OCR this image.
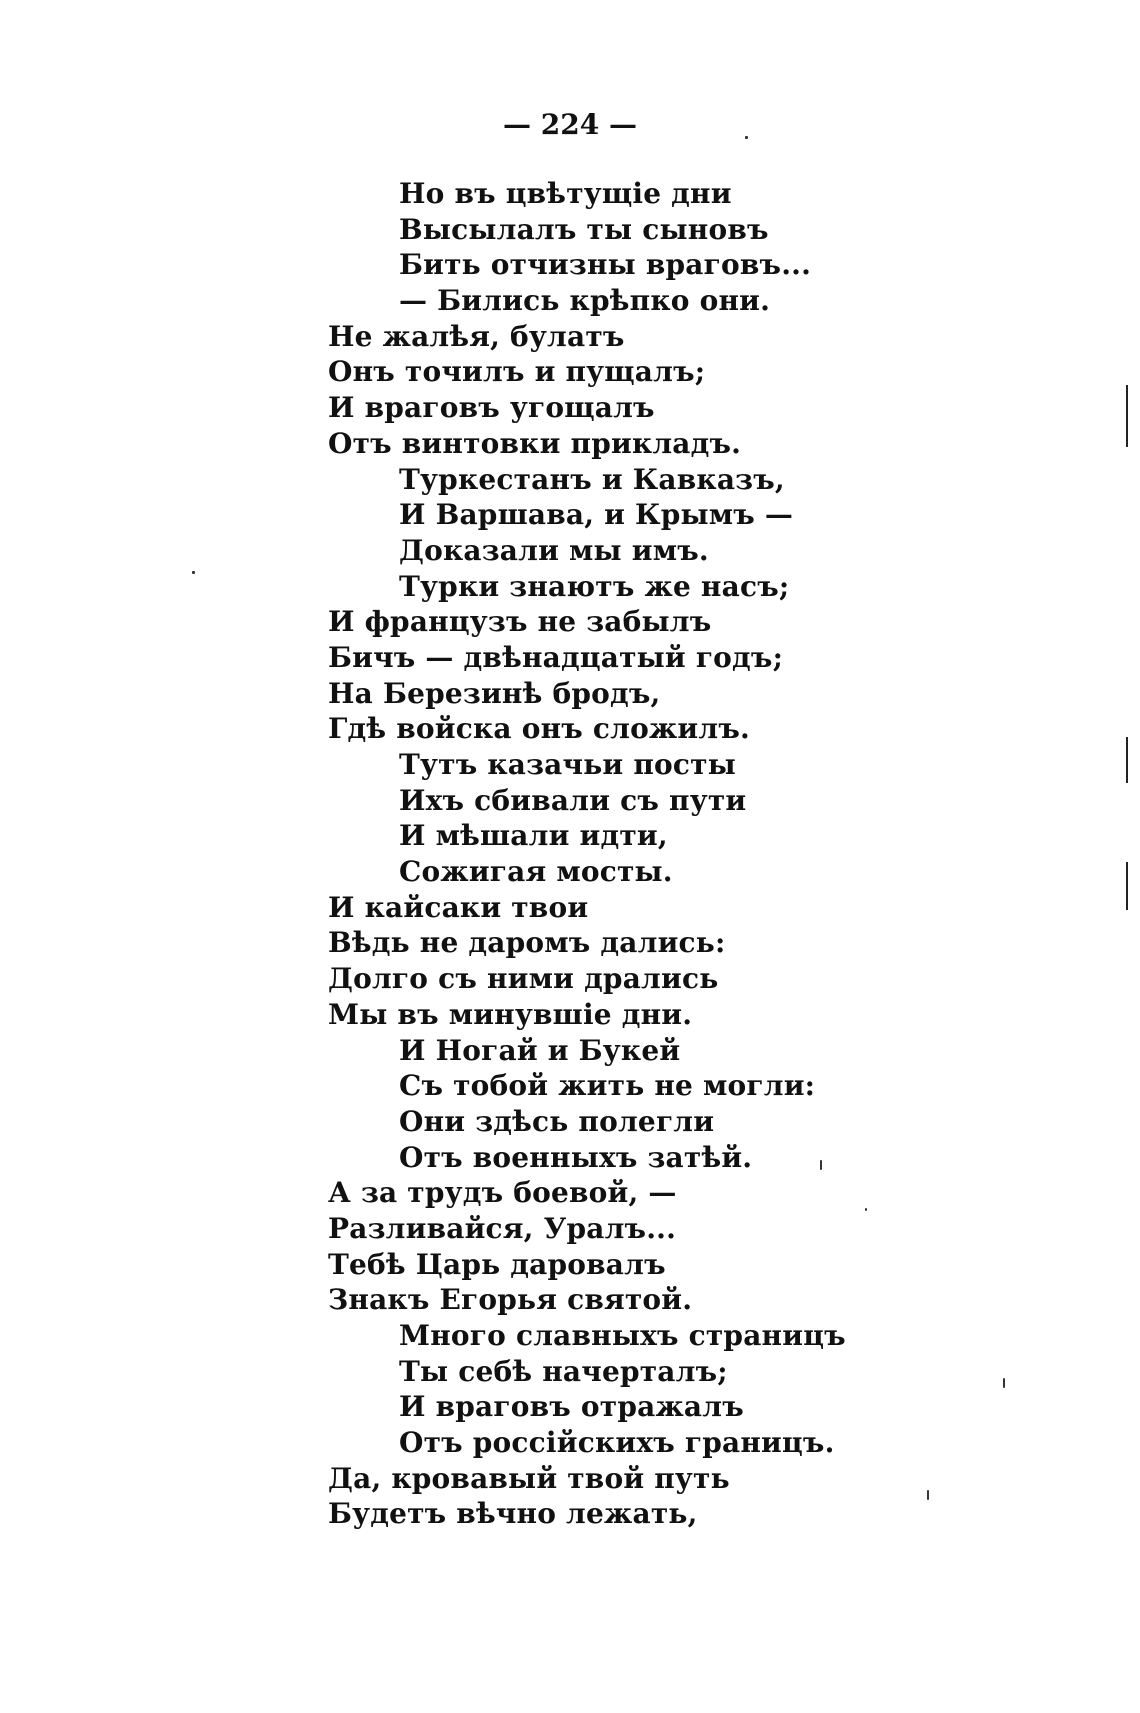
— 224 —
Но въ цвѣтущіе дни
Высылалъ ты сыновъ
Бить отчизны враговъ...
— Бились крѣпко они.
Не жалѣя, булатъ
Онъ точилъ и пущалъ;
И враговъ угощалъ
Отъ винтовки прикладъ.
Туркестанъ и Кавказъ,
И Варшава, и Крымъ —
Доказали мы имъ.
Турки знаютъ же насъ;
И французъ не забылъ
Бичъ — двѣнадцатый годъ;
На Березинѣ бродъ,
Гдѣ войска онъ сложилъ.
Тутъ казачьи посты
Ихъ сбивали съ пути
И мѣшали идти,
Сожигая мосты.
И кайсаки твои
Вѣдь не даромъ дались:
Долго съ ними дрались
Мы въ минувшіе дни.
И Ногай и Букей
Съ тобой жить не могли:
Они здѣсь полегли
Отъ военныхъ затѣй.
А за трудъ боевой, —
Разливайся, Уралъ...
Тебѣ Царь даровалъ
Знакъ Егорья святой.
Много славныхъ страницъ
Ты себѣ начерталъ;
И враговъ отражалъ
Отъ россійскихъ границъ.
Да, кровавый твой путь
Будетъ вѣчно лежать,
